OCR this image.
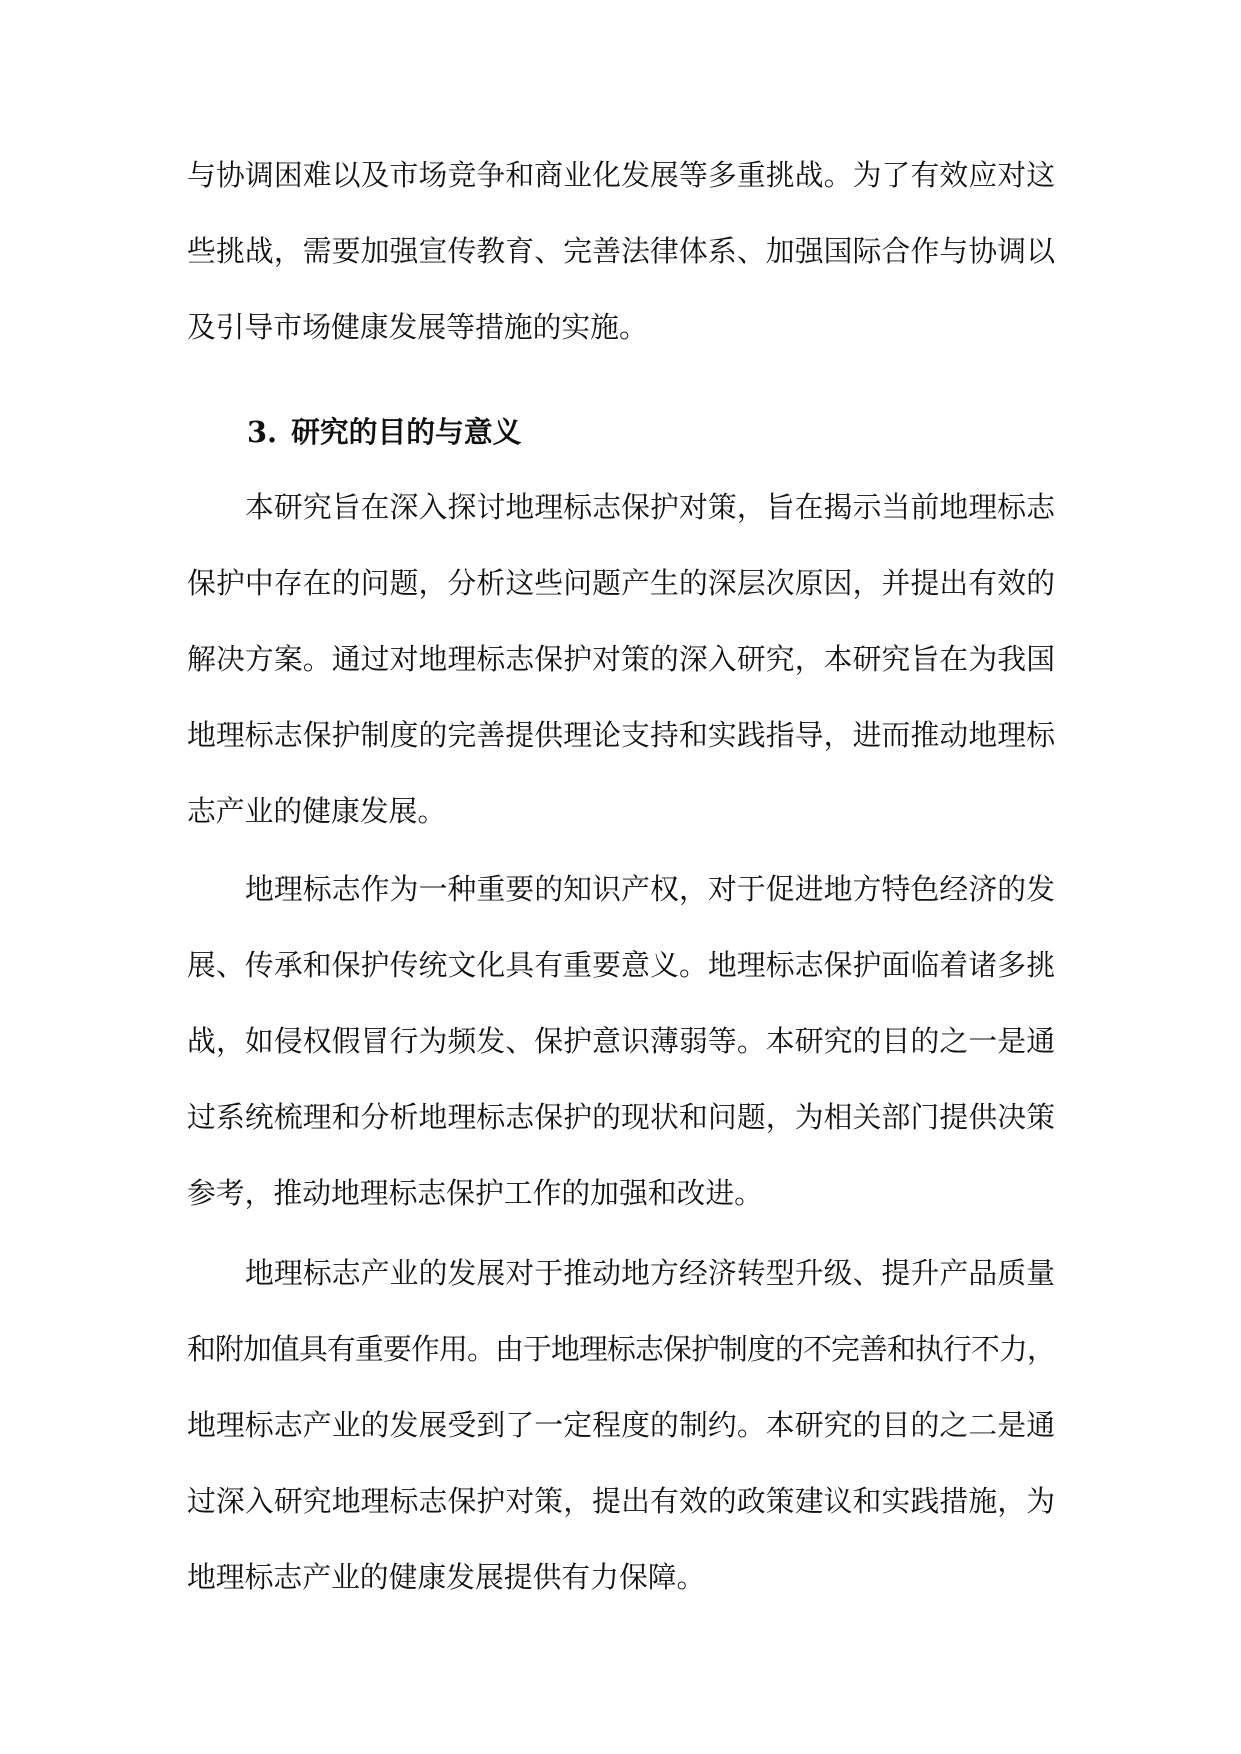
与协调困难以及市场竞争和商业化发展等多重挑战。为了有效应对这
些挑战，需要加强宣传教育、完善法律体系、加强国际合作与协调以
及引导市场健康发展等措施的实施。
3. 研究的目的与意义
本研究旨在深入探讨地理标志保护对策，旨在揭示当前地理标志
保护中存在的问题，分析这些问题产生的深层次原因，并提出有效的
解决方案。通过对地理标志保护对策的深入研究，本研究旨在为我国
地理标志保护制度的完善提供理论支持和实践指导，进而推动地理标
志产业的健康发展。
地理标志作为一种重要的知识产权，对于促进地方特色经济的发
展、传承和保护传统文化具有重要意义。地理标志保护面临着诸多挑
战，如侵权假冒行为频发、保护意识薄弱等。本研究的目的之一是通
过系统梳理和分析地理标志保护的现状和问题，为相关部门提供决策
参考，推动地理标志保护工作的加强和改进。
地理标志产业的发展对于推动地方经济转型升级、提升产品质量
和附加值具有重要作用。由于地理标志保护制度的不完善和执行不力，
地理标志产业的发展受到了一定程度的制约。本研究的目的之二是通
过深入研究地理标志保护对策，提出有效的政策建议和实践措施，为
地理标志产业的健康发展提供有力保障。
